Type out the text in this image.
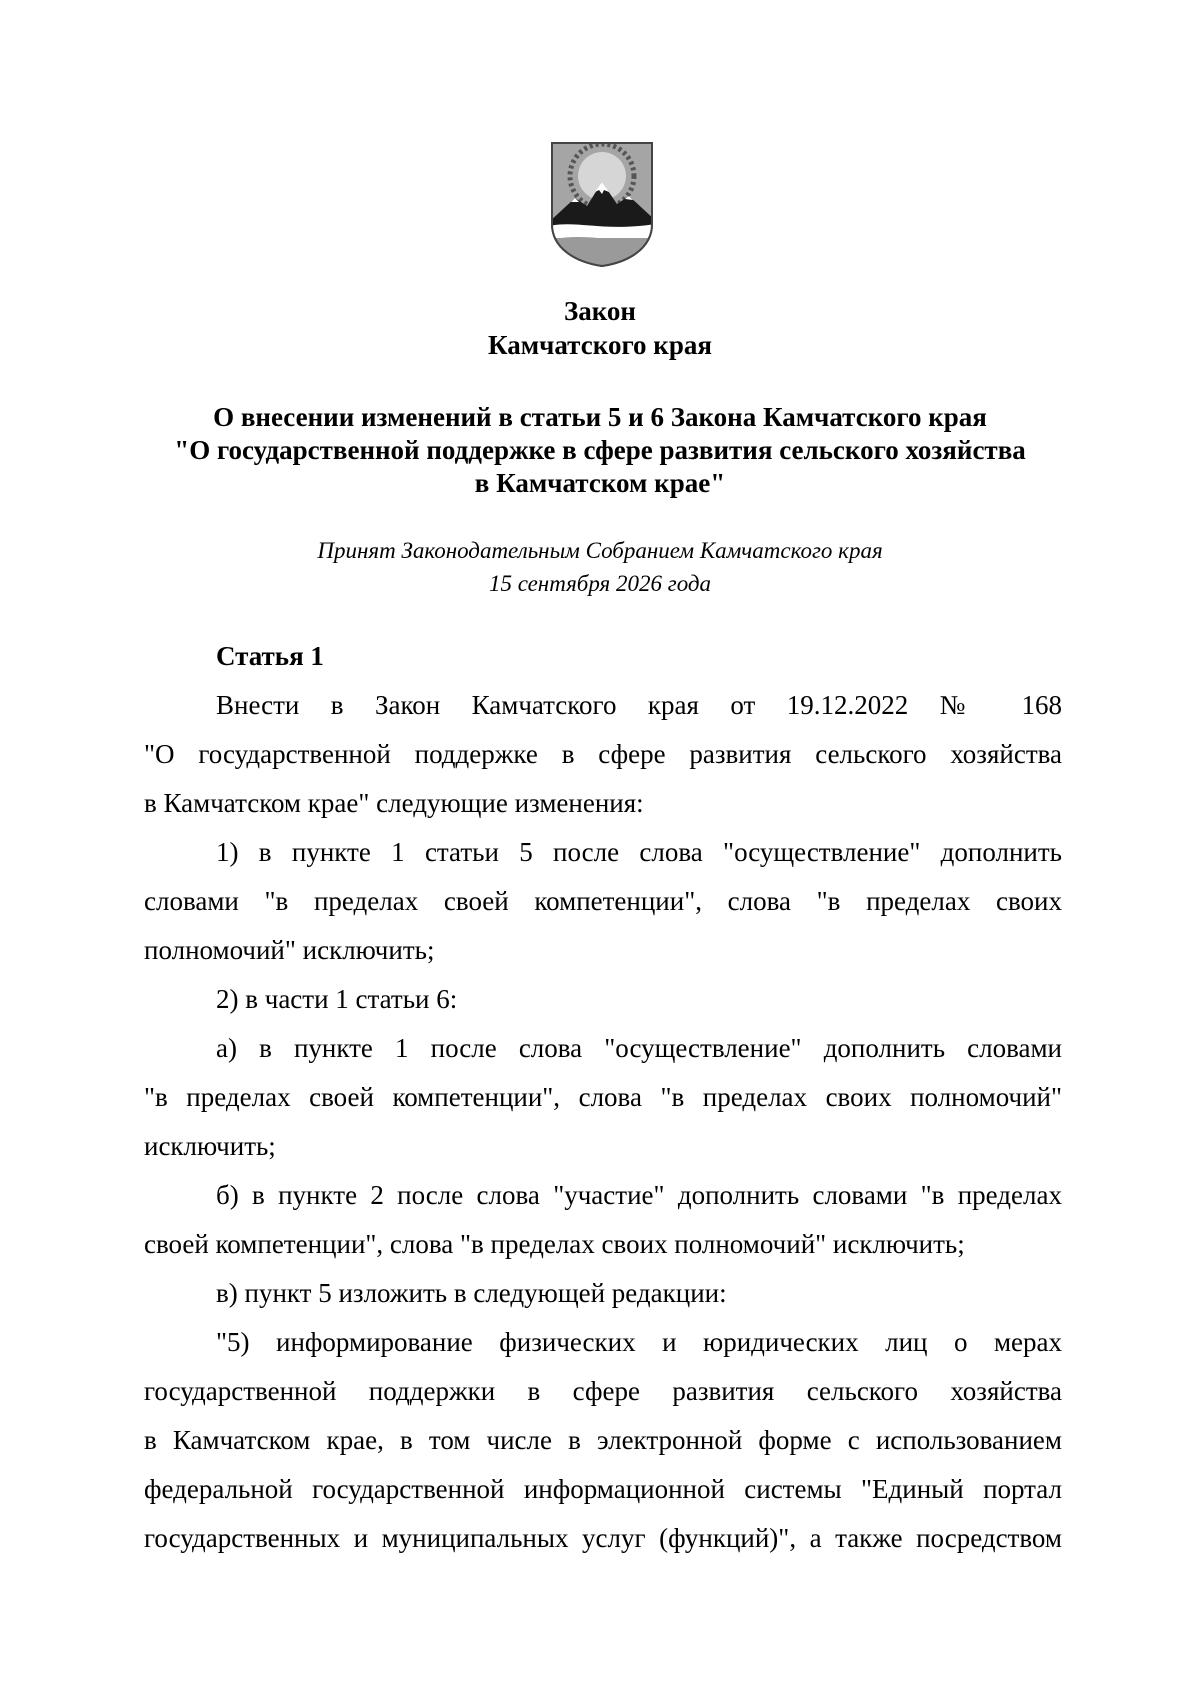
Закон
Камчатского края
О внесении изменений в статьи 5 и 6 Закона Камчатского края
"О государственной поддержке в сфере развития сельского хозяйства
в Камчатском крае"
Принят Законодательным Собранием Камчатского края
15 сентября 2026 года
Статья 1
Внести в Закон Камчатского края от 19.12.2022 № 168
"О государственной поддержке в сфере развития сельского хозяйства
в Камчатском крае" следующие изменения:
1) в пункте 1 статьи 5 после слова "осуществление" дополнить
словами "в пределах своей компетенции", слова "в пределах своих
полномочий" исключить;
2) в части 1 статьи 6:
а) в пункте 1 после слова "осуществление" дополнить словами
"в пределах своей компетенции", слова "в пределах своих полномочий"
исключить;
б) в пункте 2 после слова "участие" дополнить словами "в пределах
своей компетенции", слова "в пределах своих полномочий" исключить;
в) пункт 5 изложить в следующей редакции:
"5) информирование физических и юридических лиц о мерах
государственной поддержки в сфере развития сельского хозяйства
в Камчатском крае, в том числе в электронной форме с использованием
федеральной государственной информационной системы "Единый портал
государственных и муниципальных услуг (функций)", а также посредством
